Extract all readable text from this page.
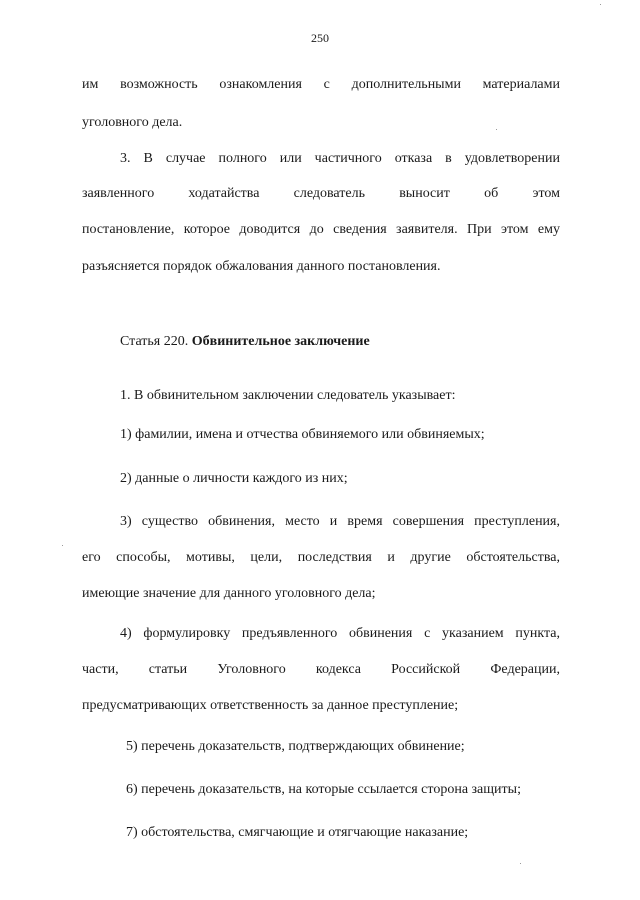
250
им возможность ознакомления с дополнительными материалами
уголовного дела.
3. В случае полного или частичного отказа в удовлетворении
заявленного ходатайства следователь выносит об этом
постановление, которое доводится до сведения заявителя. При этом ему
разъясняется порядок обжалования данного постановления.
Статья 220. Обвинительное заключение
1. В обвинительном заключении следователь указывает:
1) фамилии, имена и отчества обвиняемого или обвиняемых;
2) данные о личности каждого из них;
3) существо обвинения, место и время совершения преступления,
его способы, мотивы, цели, последствия и другие обстоятельства,
имеющие значение для данного уголовного дела;
4) формулировку предъявленного обвинения с указанием пункта,
части, статьи Уголовного кодекса Российской Федерации,
предусматривающих ответственность за данное преступление;
5) перечень доказательств, подтверждающих обвинение;
6) перечень доказательств, на которые ссылается сторона защиты;
7) обстоятельства, смягчающие и отягчающие наказание;
